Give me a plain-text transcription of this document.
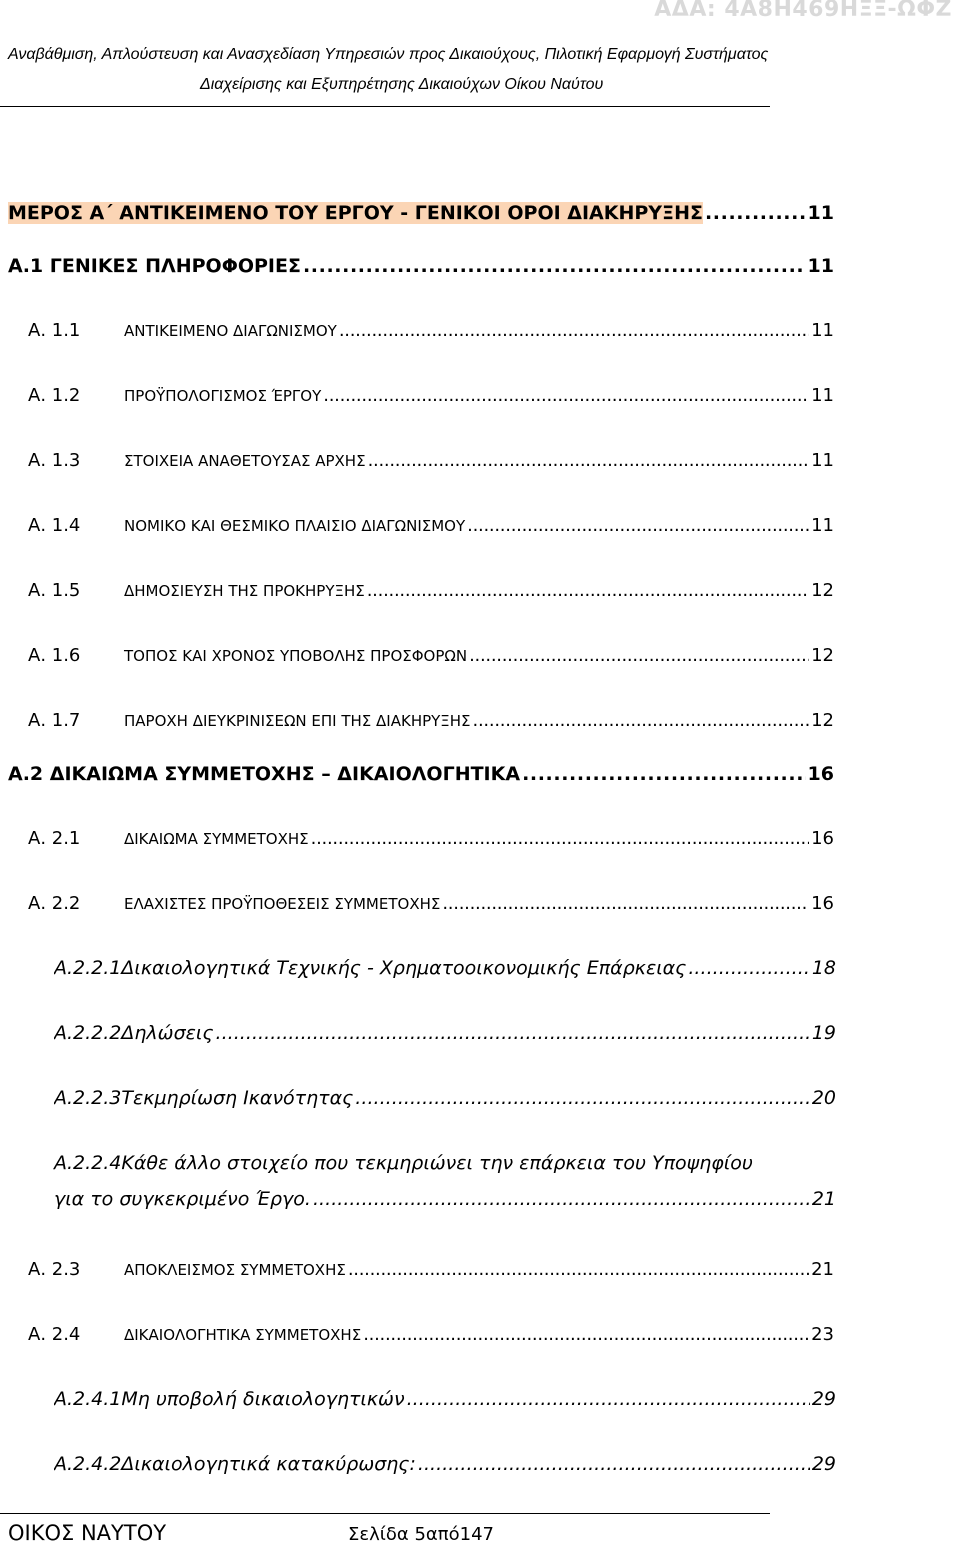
ΑΔΑ: 4Α8Η469ΗΞΞ-ΩΦΖ
Αναβάθμιση, Απλούστευση και Ανασχεδίαση Υπηρεσιών προς Δικαιούχους, Πιλοτική Εφαρμογή Συστήματος
Διαχείρισης και Εξυπηρέτησης Δικαιούχων Οίκου Ναύτου
ΜΕΡΟΣ Α΄ ΑΝΤΙΚΕΙΜΕΝΟ ΤΟΥ ΕΡΓΟΥ - ΓΕΝΙΚΟΙ ΟΡΟΙ ΔΙΑΚΗΡΥΞΗΣ . . .	11
Α.1 ΓΕΝΙΚΕΣ ΠΛΗΡΟΦΟΡΙΕΣ . . .	11
Α. 1.1	ΑΝΤΙΚΕΙΜΕΝΟ ΔΙΑΓΩΝΙΣΜΟΥ . . .	11
Α. 1.2	ΠΡΟΫΠΟΛΟΓΙΣΜΟΣ ΈΡΓΟΥ . . .	11
Α. 1.3	ΣΤΟΙΧΕΙΑ ΑΝΑΘΕΤΟΥΣΑΣ ΑΡΧΗΣ . . .	11
Α. 1.4	ΝΟΜΙΚΟ ΚΑΙ ΘΕΣΜΙΚΟ ΠΛΑΙΣΙΟ ΔΙΑΓΩΝΙΣΜΟΥ . . .	11
Α. 1.5	ΔΗΜΟΣΙΕΥΣΗ ΤΗΣ ΠΡΟΚΗΡΥΞΗΣ . . .	12
Α. 1.6	ΤΟΠΟΣ ΚΑΙ ΧΡΟΝΟΣ ΥΠΟΒΟΛΗΣ ΠΡΟΣΦΟΡΩΝ . . .	12
Α. 1.7	ΠΑΡΟΧΗ ΔΙΕΥΚΡΙΝΙΣΕΩΝ ΕΠΙ ΤΗΣ ΔΙΑΚΗΡΥΞΗΣ . . .	12
Α.2 ΔΙΚΑΙΩΜΑ ΣΥΜΜΕΤΟΧΗΣ – ΔΙΚΑΙΟΛΟΓΗΤΙΚΑ . . .	16
Α. 2.1	ΔΙΚΑΙΩΜΑ ΣΥΜΜΕΤΟΧΗΣ . . .	16
Α. 2.2	ΕΛΑΧΙΣΤΕΣ ΠΡΟΫΠΟΘΕΣΕΙΣ ΣΥΜΜΕΤΟΧΗΣ . . .	16
Α.2.2.1 Δικαιολογητικά Τεχνικής - Χρηματοοικονομικής Επάρκειας . . .	18
Α.2.2.2 Δηλώσεις . . .	19
Α.2.2.3 Τεκμηρίωση Ικανότητας . . .	20
Α.2.2.4Κάθε άλλο στοιχείο που τεκμηριώνει την επάρκεια του Υποψηφίου
για το συγκεκριμένο Έργο. . . .	21
Α. 2.3	ΑΠΟΚΛΕΙΣΜΟΣ ΣΥΜΜΕΤΟΧΗΣ . . .	21
Α. 2.4	ΔΙΚΑΙΟΛΟΓΗΤΙΚΑ ΣΥΜΜΕΤΟΧΗΣ . . .	23
Α.2.4.1 Μη υποβολή δικαιολογητικών . . .	29
Α.2.4.2 Δικαιολογητικά κατακύρωσης: . . .	29
ΟΙΚΟΣ ΝΑΥΤΟΥ	Σελίδα 5από147
